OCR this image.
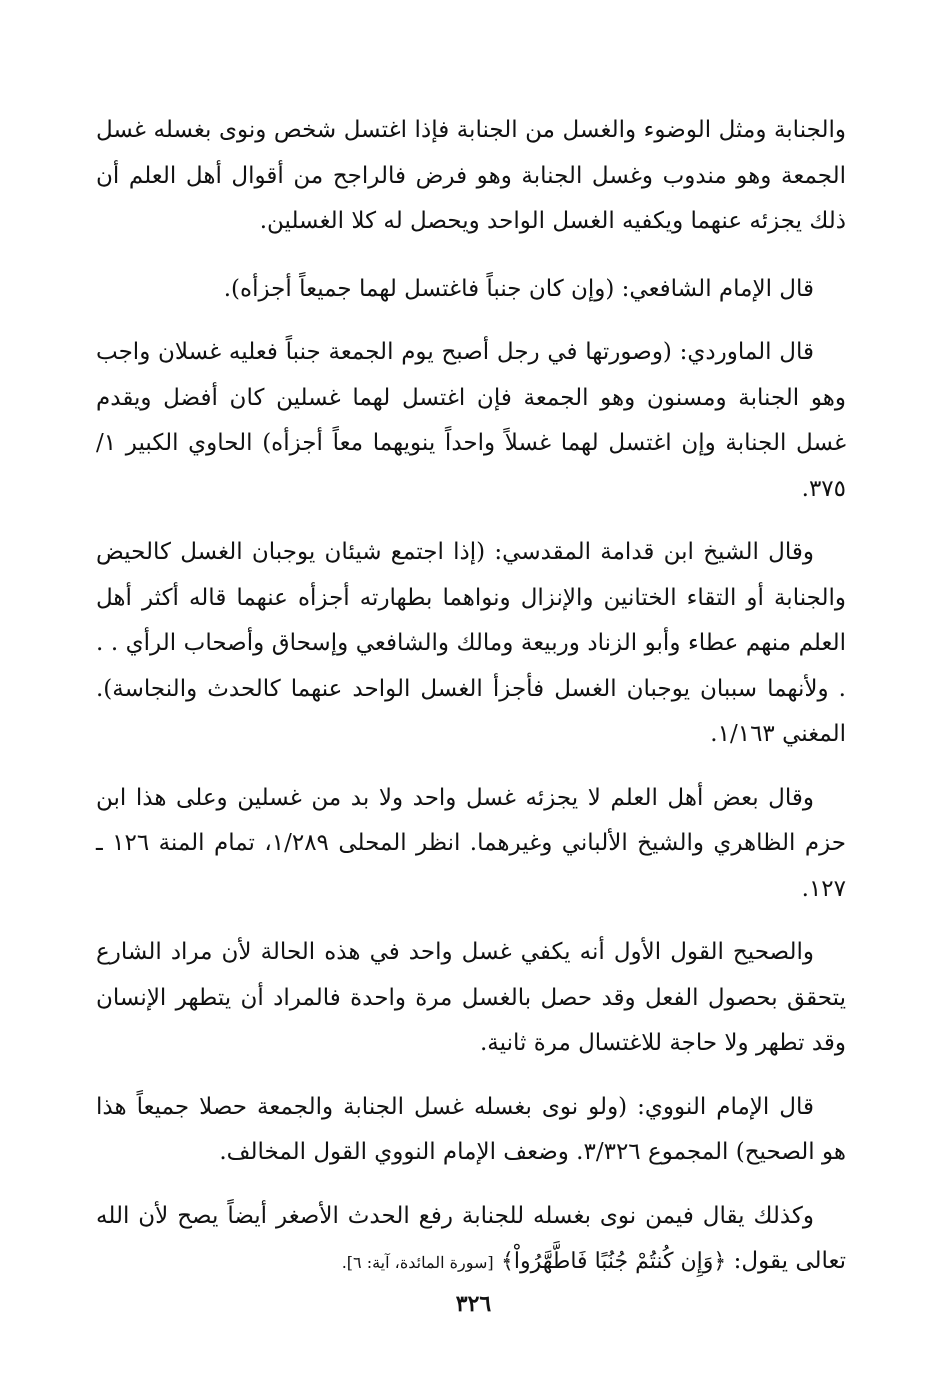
والجنابة ومثل الوضوء والغسل من الجنابة فإذا اغتسل شخص ونوى بغسله غسل الجمعة وهو مندوب وغسل الجنابة وهو فرض فالراجح من أقوال أهل العلم أن ذلك يجزئه عنهما ويكفيه الغسل الواحد ويحصل له كلا الغسلين.

قال الإمام الشافعي: (وإن كان جنباً فاغتسل لهما جميعاً أجزأه).

قال الماوردي: (وصورتها في رجل أصبح يوم الجمعة جنباً فعليه غسلان واجب وهو الجنابة ومسنون وهو الجمعة فإن اغتسل لهما غسلين كان أفضل ويقدم غسل الجنابة وإن اغتسل لهما غسلاً واحداً ينويهما معاً أجزأه) الحاوي الكبير ١/ ٣٧٥.

وقال الشيخ ابن قدامة المقدسي: (إذا اجتمع شيئان يوجبان الغسل كالحيض والجنابة أو التقاء الختانين والإنزال ونواهما بطهارته أجزأه عنهما قاله أكثر أهل العلم منهم عطاء وأبو الزناد وربيعة ومالك والشافعي وإسحاق وأصحاب الرأي . . . ولأنهما سببان يوجبان الغسل فأجزأ الغسل الواحد عنهما كالحدث والنجاسة). المغني ١/١٦٣.

وقال بعض أهل العلم لا يجزئه غسل واحد ولا بد من غسلين وعلى هذا ابن حزم الظاهري والشيخ الألباني وغيرهما. انظر المحلى ١/٢٨٩، تمام المنة ١٢٦ ـ ١٢٧.

والصحيح القول الأول أنه يكفي غسل واحد في هذه الحالة لأن مراد الشارع يتحقق بحصول الفعل وقد حصل بالغسل مرة واحدة فالمراد أن يتطهر الإنسان وقد تطهر ولا حاجة للاغتسال مرة ثانية.

قال الإمام النووي: (ولو نوى بغسله غسل الجنابة والجمعة حصلا جميعاً هذا هو الصحيح) المجموع ٣/٣٢٦. وضعف الإمام النووي القول المخالف.

وكذلك يقال فيمن نوى بغسله للجنابة رفع الحدث الأصغر أيضاً يصح لأن الله تعالى يقول: ﴿وَإِن كُنتُمْ جُنُبًا فَاطَّهَّرُواْ﴾ [سورة المائدة، آية: ٦].

٣٢٦
